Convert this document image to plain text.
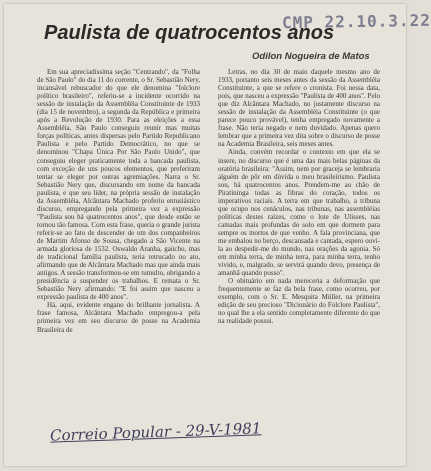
CMP 22.10.3.22
Paulista de quatrocentos anos
Odilon Nogueira de Matos

Em sua apreciadíssima seção "Centrando", da "Folha de São Paulo" do dia 11 do corrente, o Sr. Sebastião Nery, incansável rebuscador do que ele denomina "folclore político brasileiro", referiu-se a incidente ocorrido na sessão de instalação da Assembléia Constituinte de 1933 (dia 15 de novembro), a segunda da República e primeira após a Revolução de 1930. Para as eleições a essa Assembléia, São Paulo conseguiu reunir mas muitas forças políticas, antes dispersas pelo Partido Republicano Paulista e pelo Partido Democrático, no que se denominou "Chapa Única Por São Paulo Unido", que conseguiu eleger praticamente toda a bancada paulista, com exceção de uns poucos elementos, que preferiram tentar se eleger por outras agremiações. Narra o Sr. Sebastião Nery que, discursando em nome da bancada paulista, e que seu líder, na própria sessão de instalação da Assembléia, Alcântara Machado proferiu entusiástico discurso, empregando pela primeira vez a expressão "Paulista sou há quatrocentos anos", que desde então se tornou tão famosa. Com esta frase, queria o grande jurista referir-se ao fato de descender de um dos companheiros de Martim Afonso de Sousa, chegado a São Vicente na armada gloriosa de 1532. Oswaldo Aranha, gaúcho, mas de tradicional família paulista, teria retrucado no ato, afirmando que de Alcântara Machado mas que ainda mais antigos. A sessão transformou-se em tumulto, obrigando a presidência a suspender os trabalhos. E remata o Sr. Sebastião Nery afirmando: "E foi assim que nasceu a expressão paulista de 400 anos".

Há, aqui, evidente engano do brilhante jornalista. A frase famosa, Alcântara Machado empregou-a pela primeira vez em seu discurso de posse na Academia Brasileira de

Letras, no dia 30 de maio daquele mesmo ano de 1933, portanto seis meses antes da sessão da Assembléia Constituinte, a que se refere o cronista. Foi nessa data, pois, que nasceu a expressão "Paulista de 400 anos". Pelo que diz Alcântara Machado, no justamente discurso na sessão de instalação da Assembléia Constituinte (o que parece pouco provável), tenha empregado novamente a frase. Não teria negado e nem duvidado. Apenas quero lembrar que a primeira vez dita sobre o discurso de posse na Academia Brasileira, seis meses antes.

Ainda, convém recordar o contexto em que ela se insere, no discurso que é uma das mais belas páginas da oratória brasileira: "Assim, nem por graceja se lembraria alguém de pôr em dúvida o meu brasileirismo. Paulista sou, há quatrocentos anos. Prendem-me ao chão de Piratininga todas as fibras do coração, todos os imperativos raciais. A terra em que trabalho, a tribuna que ocupo nos cenáculos, nas tribunas, nas assembléias políticas destes raízes, como o lote de Ulisses, nas camadas mais profundas do solo em que dormem para sempre os mortos de que venho. A fala provinciana, que me embalou no berço, descansada e cantada, espero ouvi-la ao despedir-me do mundo, nas orações da agonia. Só em minha terra, de minha terra, para minha terra, tenho vivido, e, malgrado, se servirá quando devo, presença de amanhã quando posso".

O obituário em nada mereceria a deformação que frequentemente se faz da bela frase, como ocorreu, por exemplo, com o Sr. E. Mesquita Müller, na primeira edição de seu precioso "Dicionário do Folclore Paulista", no qual lhe a ela sentido completamente diferente do que na realidade possui.

Correio Popular - 29-V-1981
